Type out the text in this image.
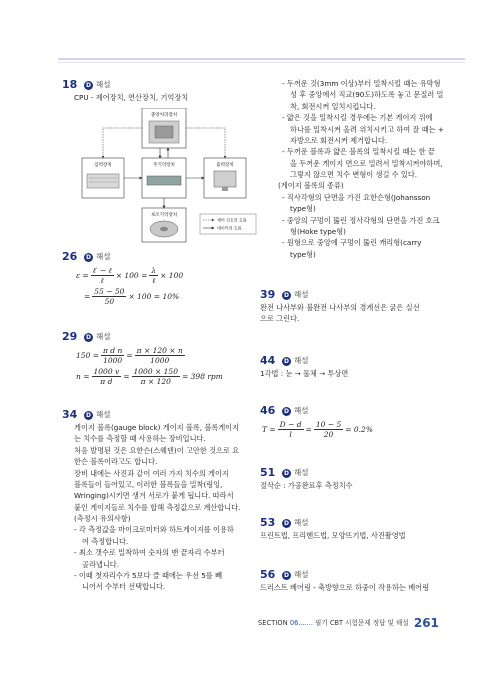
18	D 해설

CPU - 제어장치, 연산장치, 기억장치

중앙처리장치
입력장치	주기억장치	출력장치
보조기억장치
제어 신호의 흐름
데이터의 흐름
26	D 해설
$\varepsilon = \frac{\text{ℓ′ − ℓ}}{\text{ℓ}} \times 100 = \frac{\lambda}{\text{ℓ}} \times 100$
= $\frac{55 - 50}{50} \times 100 = 10\%$
29	D 해설
$150 = \frac{\text{π d n}}{1000} = \frac{\pi \times 120 \times n}{1000}$
$n = \frac{1000 v}{\text{π d}} = \frac{1000 \times 150}{\pi \times 120} = 398$ rpm
34	D 해설

게이지 블록(gauge block) 게이지 블록, 블록게이지

는 치수를 측정할 때 사용하는 장비입니다.

처음 발명된 것은 요한슨(스웨덴)이 고안한 것으로 요

한슨 블록이라고도 합니다.

장비 내에는 사진과 같이 여러 가지 치수의 게이지

블록들이 들어있고, 이러한 블록들을 밀착(링잉,

Wringing)시키면 생겨 서로가 붙게 됩니다. 따라서

붙인 게이지들로 치수를 합해 측정값으로 계산합니다.

(측정시 유의사항)

- 각 측정값을 마이크로미터와 하트게이지를 이용하

여 측정합니다.

- 최소 갯수로 밀착하여 숫자의 맨 끝자리 수부터

골라냅니다.

- 이때 첫자리수가 5보다 클 때에는 우선 5를 빼

니어서 수부터 선택합니다.

- 두꺼운 것(3mm 이상)부터 밀착시킬 때는 유막형

성 후 중앙에서 직교(90도)하도록 놓고 문질러 밀

착, 회전시켜 일치시킵니다.

- 얇은 것을 밀착시킬 경우에는 기본 게이지 위에

하나를 밀착시켜 올려 위치시키고 하여 잘 때는 +

자방으로 회전시켜 제거합니다.

- 두꺼운 블록과 얇은 블록의 밀착시킬 때는 한 끝

을 두꺼운 게이지 면으로 밀려서 밀착시켜야하며,

그렇지 않으면 치수 변형이 생길 수 있다.

(게이지 블록의 종류)

- 직사각형의 단면을 가진 요한슨형(Johansson

type형)

- 중앙의 구멍이 뚫린 정사각형의 단면을 가진 호크

형(Hoke type형)

- 원형으로 중앙에 구멍이 뚫린 캐리형(carry

type형)

39	D 해설

완전 나사부와 불완전 나사부의 경계선은 굵은 실선

으로 그린다.

44	D 해설

1각법 : 눈 → 물체 → 투상면

46	D 해설
$T = \frac{D - d}{l} = \frac{10 - 5}{20} = 0.2\%$
51	D 해설

절삭순 : 가공완료후 측정치수

53	D 해설

프린트법, 프리헨드법, 모양뜨기법, 사진촬영법

56	D 해설

드러스트 베어링 - 축방향으로 하중이 작용하는 베어링

SECTION 06....... 필기 CBT 시험문제 정답 및 해설 261
